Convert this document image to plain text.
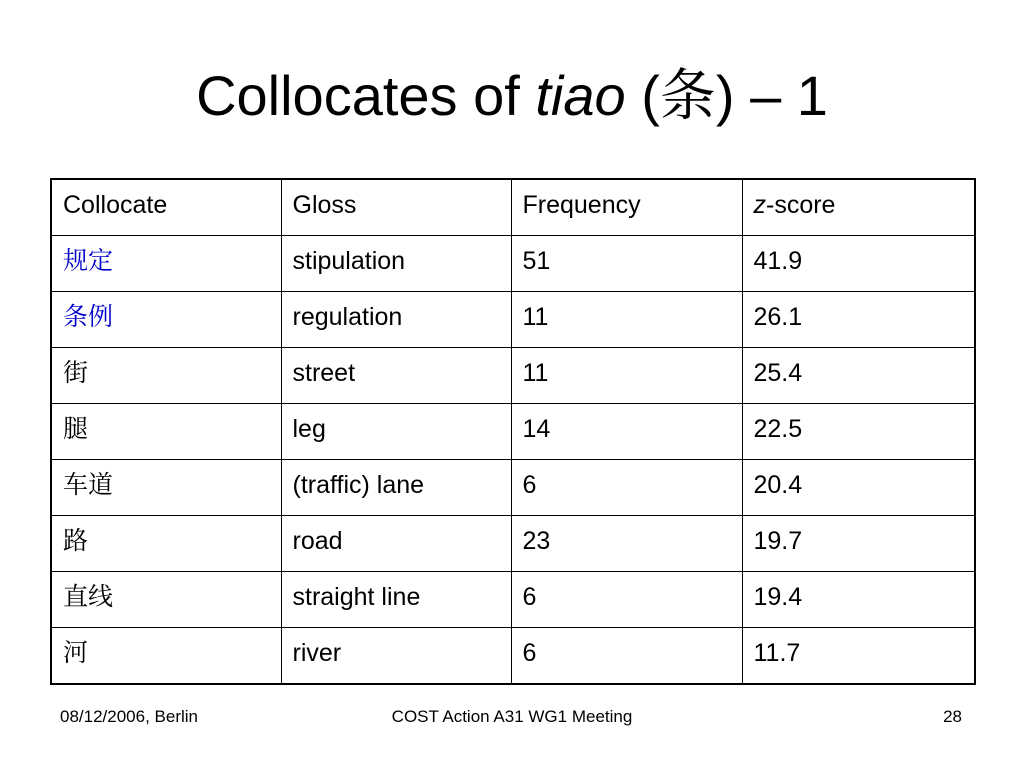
Collocates of tiao (条) – 1
Collocate	Gloss	Frequency	z-score
规定	stipulation	51	41.9
条例	regulation	11	26.1
街	street	11	25.4
腿	leg	14	22.5
车道	(traffic) lane	6	20.4
路	road	23	19.7
直线	straight line	6	19.4
河	river	6	11.7
08/12/2006, Berlin	COST Action A31 WG1 Meeting	28
